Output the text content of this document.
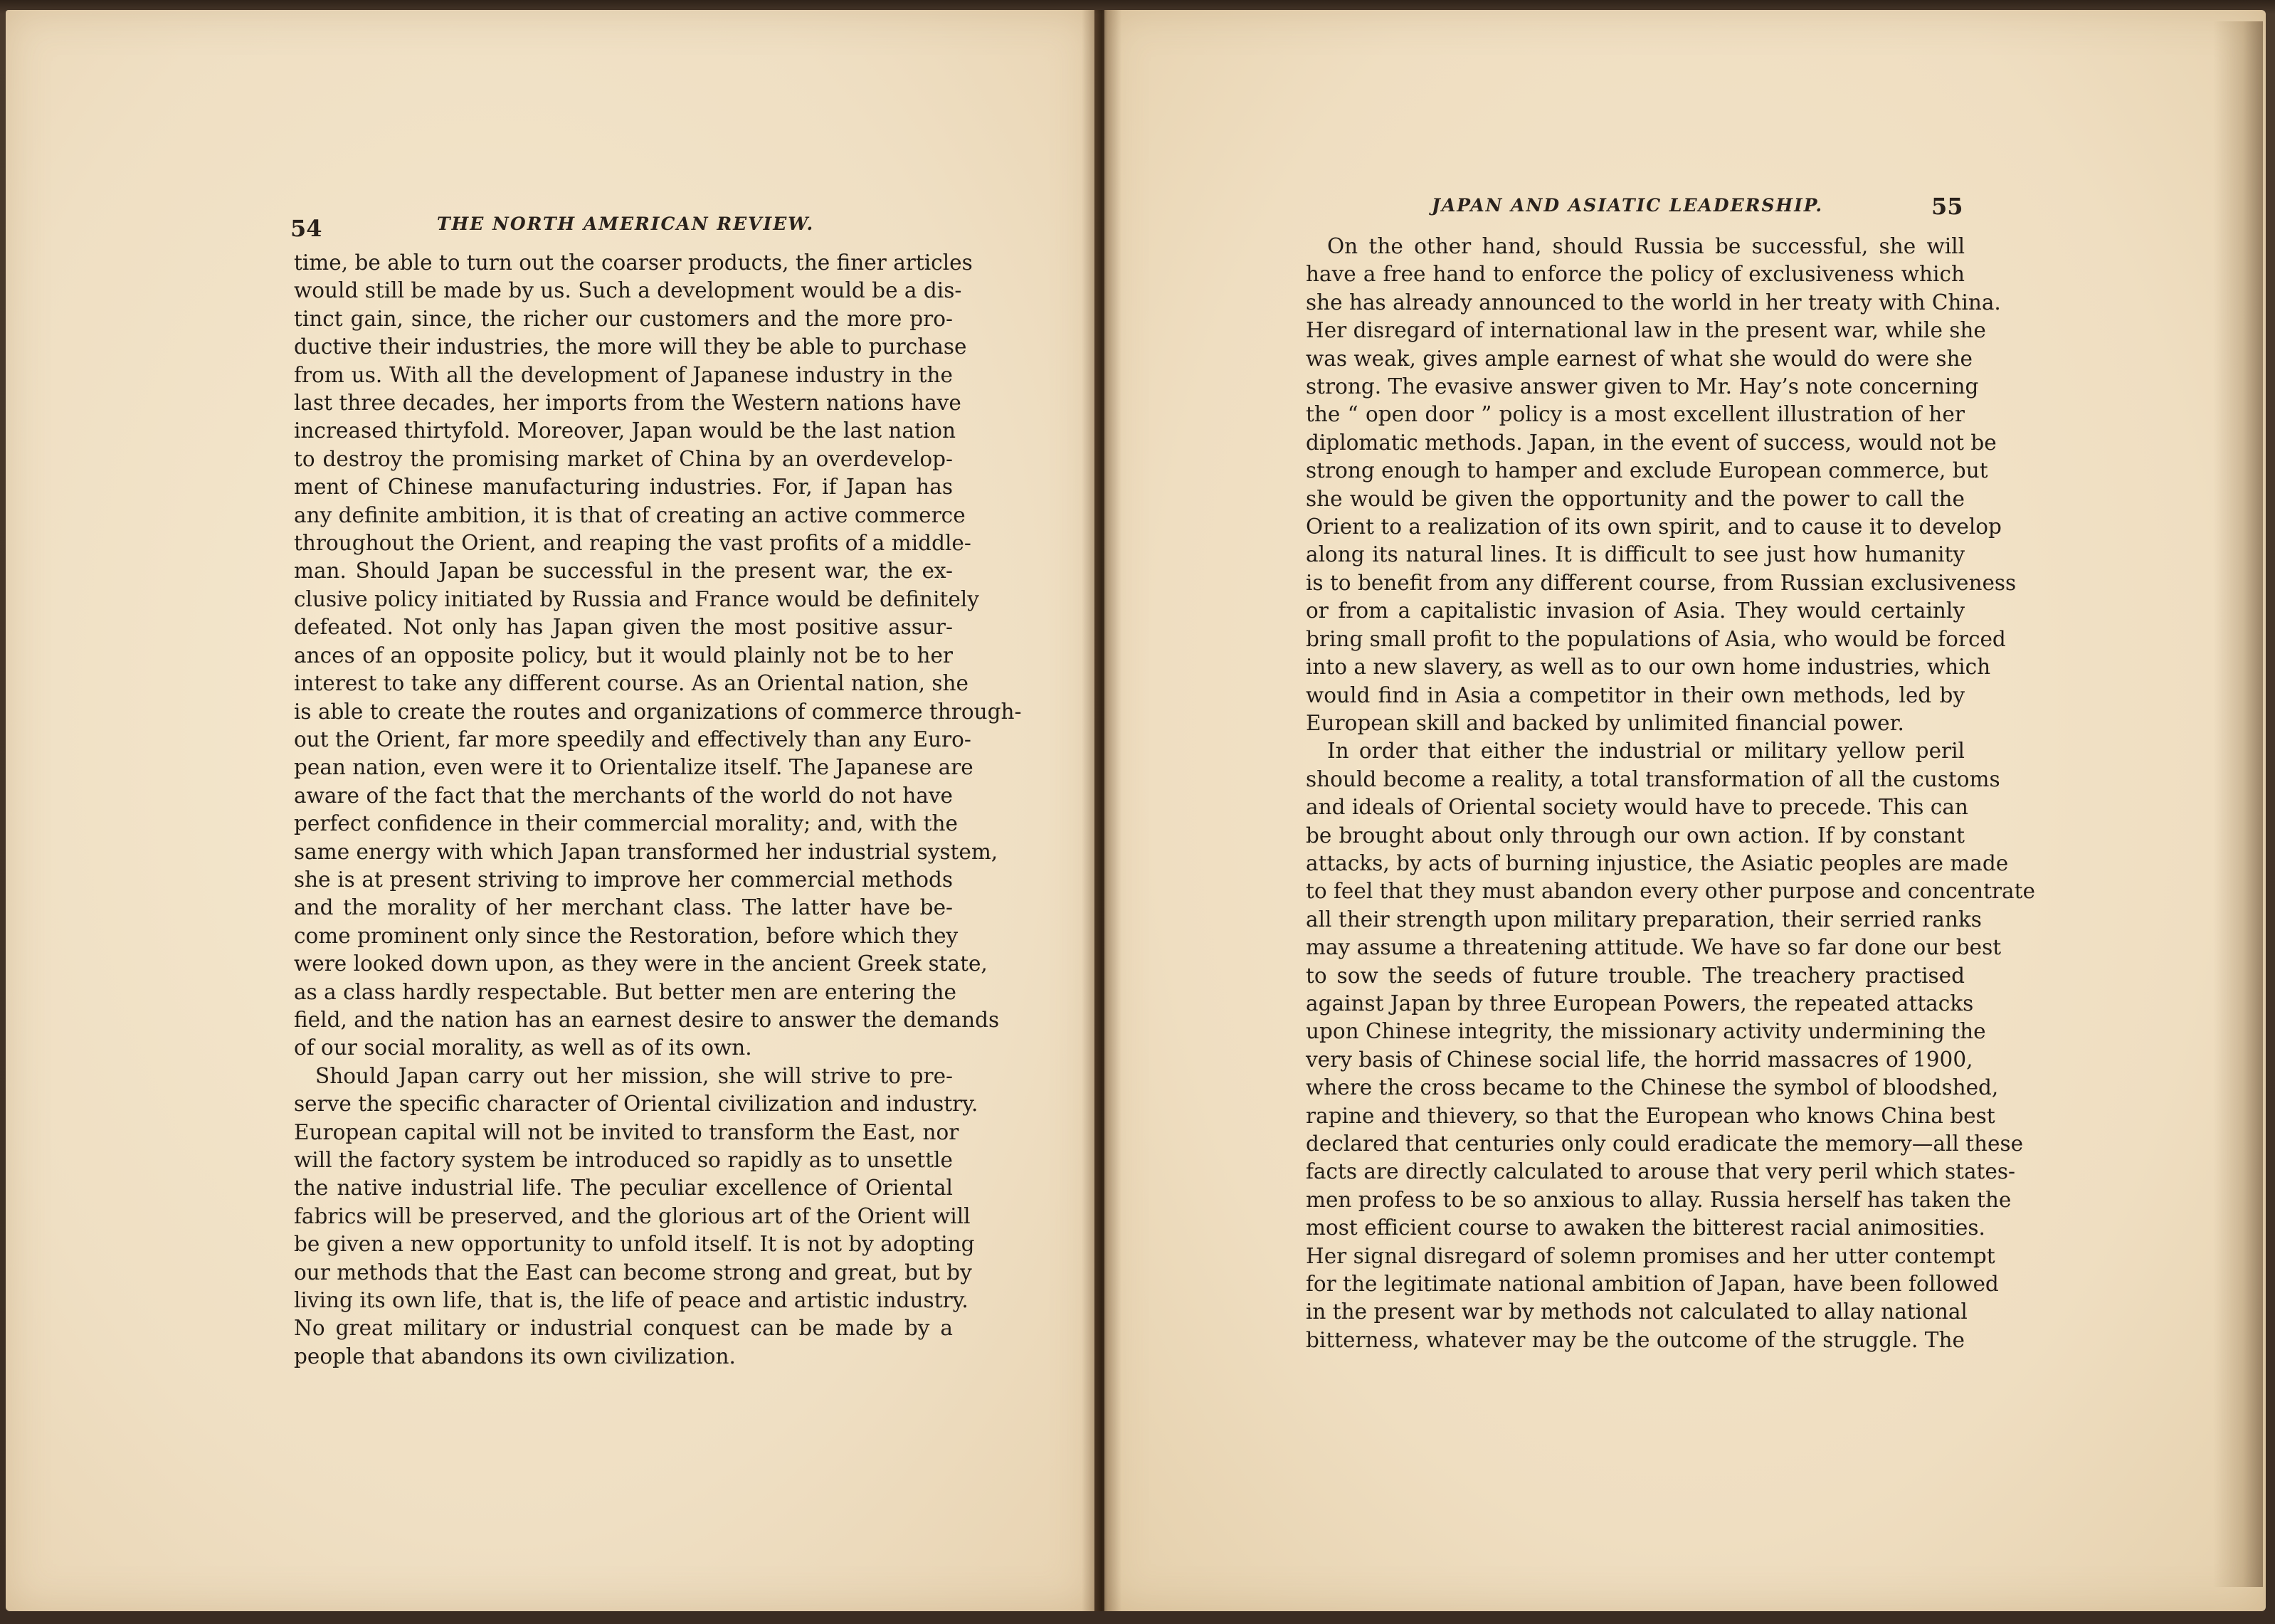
54	THE NORTH AMERICAN REVIEW.
JAPAN AND ASIATIC LEADERSHIP.	55

time, be able to turn out the coarser products, the finer articles
would still be made by us. Such a development would be a dis-
tinct gain, since, the richer our customers and the more pro-
ductive their industries, the more will they be able to purchase
from us. With all the development of Japanese industry in the
last three decades, her imports from the Western nations have
increased thirtyfold. Moreover, Japan would be the last nation
to destroy the promising market of China by an overdevelop-
ment of Chinese manufacturing industries. For, if Japan has
any definite ambition, it is that of creating an active commerce
throughout the Orient, and reaping the vast profits of a middle-
man. Should Japan be successful in the present war, the ex-
clusive policy initiated by Russia and France would be definitely
defeated. Not only has Japan given the most positive assur-
ances of an opposite policy, but it would plainly not be to her
interest to take any different course. As an Oriental nation, she
is able to create the routes and organizations of commerce through-
out the Orient, far more speedily and effectively than any Euro-
pean nation, even were it to Orientalize itself. The Japanese are
aware of the fact that the merchants of the world do not have
perfect confidence in their commercial morality; and, with the
same energy with which Japan transformed her industrial system,
she is at present striving to improve her commercial methods
and the morality of her merchant class. The latter have be-
come prominent only since the Restoration, before which they
were looked down upon, as they were in the ancient Greek state,
as a class hardly respectable. But better men are entering the
field, and the nation has an earnest desire to answer the demands
of our social morality, as well as of its own.

Should Japan carry out her mission, she will strive to pre-
serve the specific character of Oriental civilization and industry.
European capital will not be invited to transform the East, nor
will the factory system be introduced so rapidly as to unsettle
the native industrial life. The peculiar excellence of Oriental
fabrics will be preserved, and the glorious art of the Orient will
be given a new opportunity to unfold itself. It is not by adopting
our methods that the East can become strong and great, but by
living its own life, that is, the life of peace and artistic industry.
No great military or industrial conquest can be made by a
people that abandons its own civilization.

On the other hand, should Russia be successful, she will
have a free hand to enforce the policy of exclusiveness which
she has already announced to the world in her treaty with China.
Her disregard of international law in the present war, while she
was weak, gives ample earnest of what she would do were she
strong. The evasive answer given to Mr. Hay’s note concerning
the “ open door ” policy is a most excellent illustration of her
diplomatic methods. Japan, in the event of success, would not be
strong enough to hamper and exclude European commerce, but
she would be given the opportunity and the power to call the
Orient to a realization of its own spirit, and to cause it to develop
along its natural lines. It is difficult to see just how humanity
is to benefit from any different course, from Russian exclusiveness
or from a capitalistic invasion of Asia. They would certainly
bring small profit to the populations of Asia, who would be forced
into a new slavery, as well as to our own home industries, which
would find in Asia a competitor in their own methods, led by
European skill and backed by unlimited financial power.

In order that either the industrial or military yellow peril
should become a reality, a total transformation of all the customs
and ideals of Oriental society would have to precede. This can
be brought about only through our own action. If by constant
attacks, by acts of burning injustice, the Asiatic peoples are made
to feel that they must abandon every other purpose and concentrate
all their strength upon military preparation, their serried ranks
may assume a threatening attitude. We have so far done our best
to sow the seeds of future trouble. The treachery practised
against Japan by three European Powers, the repeated attacks
upon Chinese integrity, the missionary activity undermining the
very basis of Chinese social life, the horrid massacres of 1900,
where the cross became to the Chinese the symbol of bloodshed,
rapine and thievery, so that the European who knows China best
declared that centuries only could eradicate the memory—all these
facts are directly calculated to arouse that very peril which states-
men profess to be so anxious to allay. Russia herself has taken the
most efficient course to awaken the bitterest racial animosities.
Her signal disregard of solemn promises and her utter contempt
for the legitimate national ambition of Japan, have been followed
in the present war by methods not calculated to allay national
bitterness, whatever may be the outcome of the struggle. The
